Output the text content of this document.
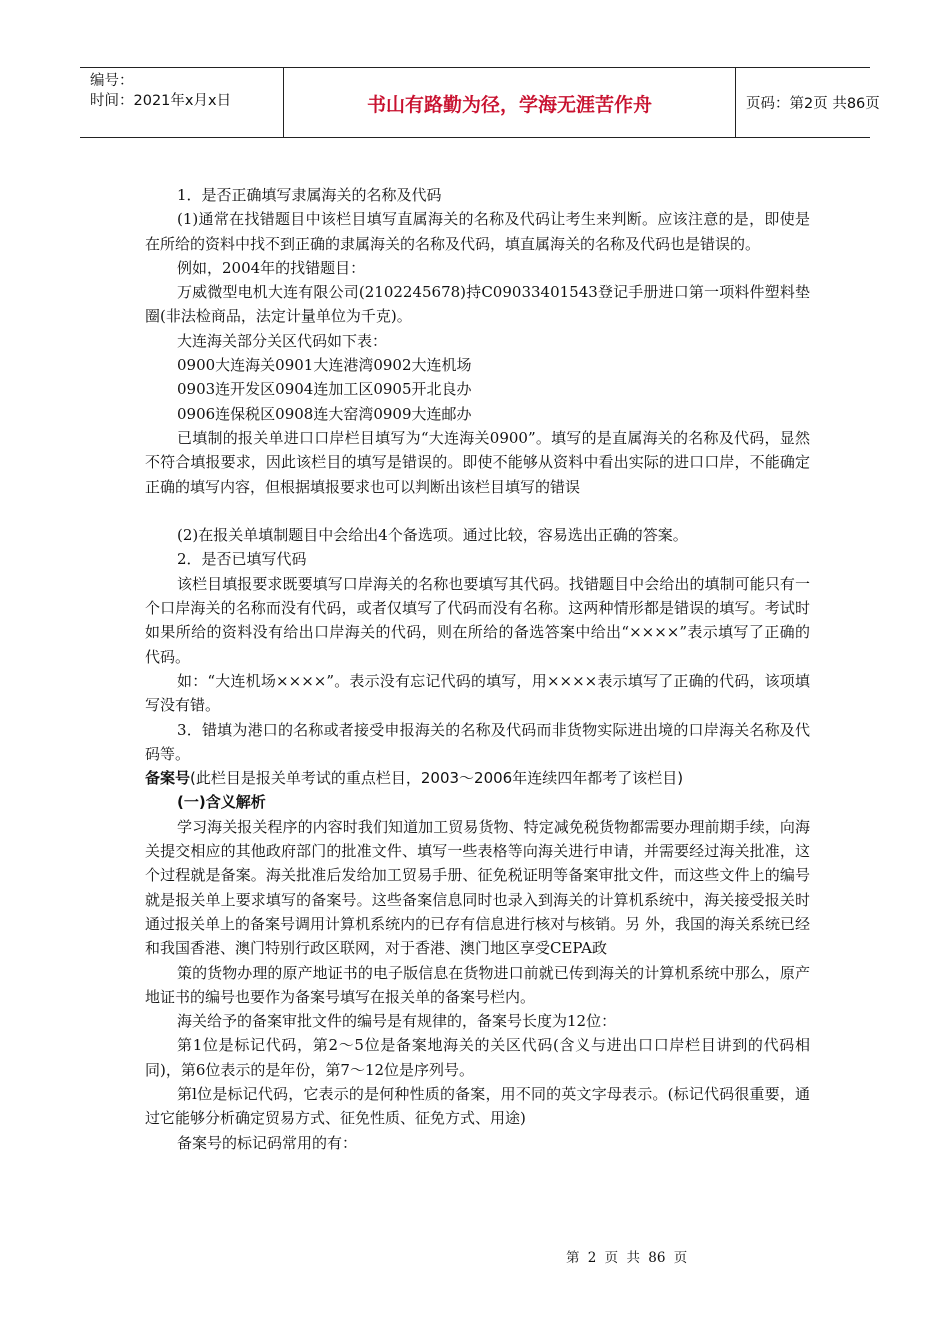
编号：
时间：2021年x月x日	书山有路勤为径，学海无涯苦作舟	页码：第2页 共86页

1．是否正确填写隶属海关的名称及代码

(1)通常在找错题目中该栏目填写直属海关的名称及代码让考生来判断。应该注意的是，即使是在所给的资料中找不到正确的隶属海关的名称及代码，填直属海关的名称及代码也是错误的。

例如，2004年的找错题目：

万威微型电机大连有限公司(2102245678)持C09033401543登记手册进口第一项料件塑料垫圈(非法检商品，法定计量单位为千克)。

大连海关部分关区代码如下表：

0900大连海关0901大连港湾0902大连机场

0903连开发区0904连加工区0905开北良办

0906连保税区0908连大窑湾0909大连邮办

已填制的报关单进口口岸栏目填写为“大连海关0900”。填写的是直属海关的名称及代码，显然不符合填报要求，因此该栏目的填写是错误的。即使不能够从资料中看出实际的进口口岸，不能确定正确的填写内容，但根据填报要求也可以判断出该栏目填写的错误

(2)在报关单填制题目中会给出4个备选项。通过比较，容易选出正确的答案。

2．是否已填写代码

该栏目填报要求既要填写口岸海关的名称也要填写其代码。找错题目中会给出的填制可能只有一个口岸海关的名称而没有代码，或者仅填写了代码而没有名称。这两种情形都是错误的填写。考试时如果所给的资料没有给出口岸海关的代码，则在所给的备选答案中给出“××××”表示填写了正确的代码。

如：“大连机场××××”。表示没有忘记代码的填写，用××××表示填写了正确的代码，该项填写没有错。

3．错填为港口的名称或者接受申报海关的名称及代码而非货物实际进出境的口岸海关名称及代码等。

备案号(此栏目是报关单考试的重点栏目，2003～2006年连续四年都考了该栏目)

(一)含义解析

学习海关报关程序的内容时我们知道加工贸易货物、特定减免税货物都需要办理前期手续，向海关提交相应的其他政府部门的批准文件、填写一些表格等向海关进行申请，并需要经过海关批准，这个过程就是备案。海关批准后发给加工贸易手册、征免税证明等备案审批文件，而这些文件上的编号就是报关单上要求填写的备案号。这些备案信息同时也录入到海关的计算机系统中，海关接受报关时通过报关单上的备案号调用计算机系统内的已存有信息进行核对与核销。另 外，我国的海关系统已经和我国香港、澳门特别行政区联网，对于香港、澳门地区享受CEPA政

策的货物办理的原产地证书的电子版信息在货物进口前就已传到海关的计算机系统中那么，原产地证书的编号也要作为备案号填写在报关单的备案号栏内。

海关给予的备案审批文件的编号是有规律的，备案号长度为12位：

第1位是标记代码，第2～5位是备案地海关的关区代码(含义与进出口口岸栏目讲到的代码相同)，第6位表示的是年份，第7～12位是序列号。

第l位是标记代码，它表示的是何种性质的备案，用不同的英文字母表示。(标记代码很重要，通过它能够分析确定贸易方式、征免性质、征免方式、用途)

备案号的标记码常用的有：

第 2 页 共 86 页
